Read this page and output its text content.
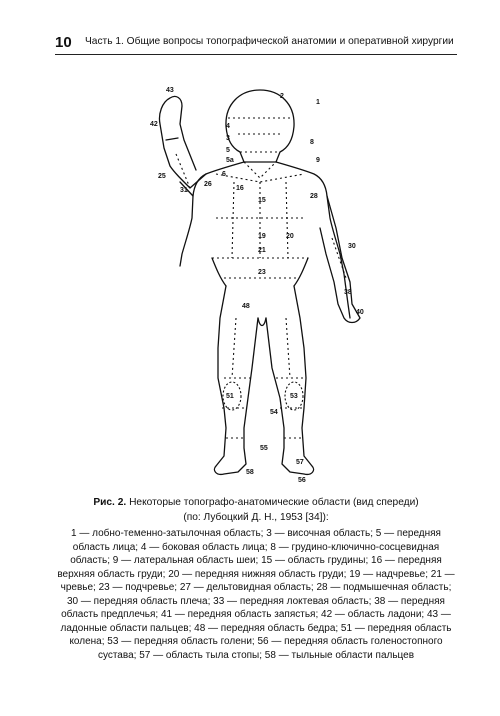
10 Часть 1. Общие вопросы топографической анатомии и оперативной хирургии
43
42
2
4
3
5
5а
1
8
6
9
16
15
19
28
26
25
20
21
31
30
23
48
38
40
51	53
54
55
58
57
56
Рис. 2. Некоторые топографо-анатомические области (вид спереди)
(по: Лубоцкий Д. Н., 1953 [34]):
1 — лобно-теменно-затылочная область; 3 — височная область; 5 — передняя область лица; 4 — боковая область лица; 8 — грудино-ключично-сосцевидная область; 9 — латеральная область шеи; 15 — область грудины; 16 — передняя верхняя область груди; 20 — передняя нижняя область груди; 19 — надчревье; 21 — чревье; 23 — подчревье; 27 — дельтовидная область; 28 — подмышечная область; 30 — передняя область плеча; 33 — передняя локтевая область; 38 — передняя область предплечья; 41 — передняя область запястья; 42 — область ладони; 43 — ладонные области пальцев; 48 — передняя область бедра; 51 — передняя область колена; 53 — передняя область голени; 56 — передняя область голеностопного сустава; 57 — область тыла стопы; 58 — тыльные области пальцев
